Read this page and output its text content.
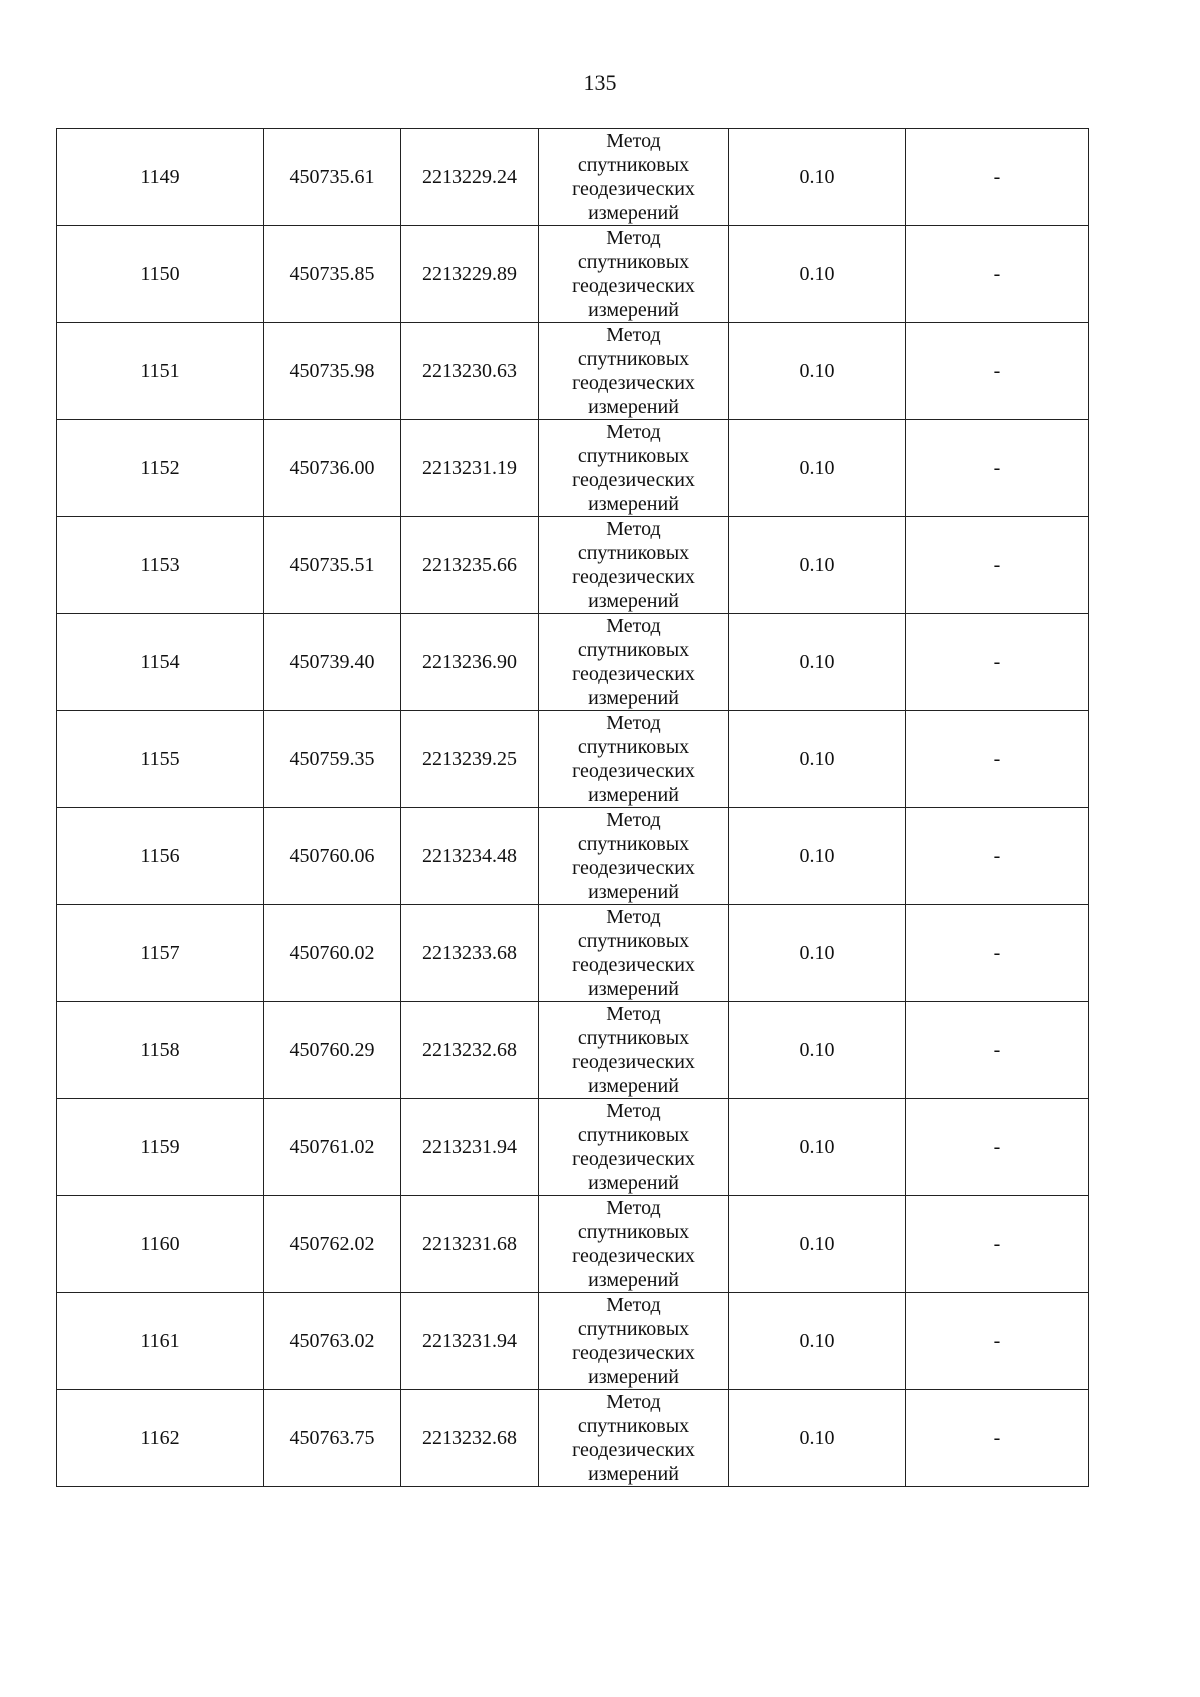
135
1149	450735.61	2213229.24	Метод
спутниковых
геодезических
измерений	0.10	-
1150	450735.85	2213229.89	Метод
спутниковых
геодезических
измерений	0.10	-
1151	450735.98	2213230.63	Метод
спутниковых
геодезических
измерений	0.10	-
1152	450736.00	2213231.19	Метод
спутниковых
геодезических
измерений	0.10	-
1153	450735.51	2213235.66	Метод
спутниковых
геодезических
измерений	0.10	-
1154	450739.40	2213236.90	Метод
спутниковых
геодезических
измерений	0.10	-
1155	450759.35	2213239.25	Метод
спутниковых
геодезических
измерений	0.10	-
1156	450760.06	2213234.48	Метод
спутниковых
геодезических
измерений	0.10	-
1157	450760.02	2213233.68	Метод
спутниковых
геодезических
измерений	0.10	-
1158	450760.29	2213232.68	Метод
спутниковых
геодезических
измерений	0.10	-
1159	450761.02	2213231.94	Метод
спутниковых
геодезических
измерений	0.10	-
1160	450762.02	2213231.68	Метод
спутниковых
геодезических
измерений	0.10	-
1161	450763.02	2213231.94	Метод
спутниковых
геодезических
измерений	0.10	-
1162	450763.75	2213232.68	Метод
спутниковых
геодезических
измерений	0.10	-
